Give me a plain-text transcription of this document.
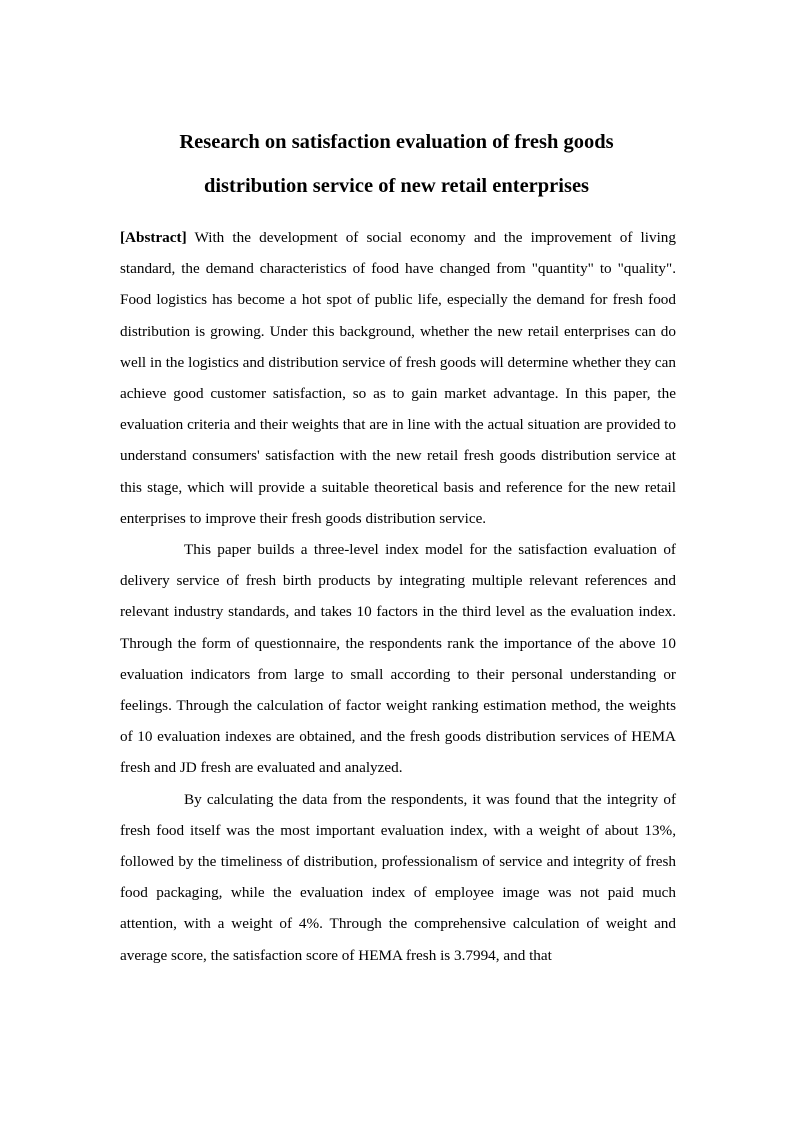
Research on satisfaction evaluation of fresh goods

distribution service of new retail enterprises

[Abstract] With the development of social economy and the improvement of living standard, the demand characteristics of food have changed from "quantity" to "quality". Food logistics has become a hot spot of public life, especially the demand for fresh food distribution is growing. Under this background, whether the new retail enterprises can do well in the logistics and distribution service of fresh goods will determine whether they can achieve good customer satisfaction, so as to gain market advantage. In this paper, the evaluation criteria and their weights that are in line with the actual situation are provided to understand consumers' satisfaction with the new retail fresh goods distribution service at this stage, which will provide a suitable theoretical basis and reference for the new retail enterprises to improve their fresh goods distribution service.

This paper builds a three-level index model for the satisfaction evaluation of delivery service of fresh birth products by integrating multiple relevant references and relevant industry standards, and takes 10 factors in the third level as the evaluation index. Through the form of questionnaire, the respondents rank the importance of the above 10 evaluation indicators from large to small according to their personal understanding or feelings. Through the calculation of factor weight ranking estimation method, the weights of 10 evaluation indexes are obtained, and the fresh goods distribution services of HEMA fresh and JD fresh are evaluated and analyzed.

By calculating the data from the respondents, it was found that the integrity of fresh food itself was the most important evaluation index, with a weight of about 13%, followed by the timeliness of distribution, professionalism of service and integrity of fresh food packaging, while the evaluation index of employee image was not paid much attention, with a weight of 4%. Through the comprehensive calculation of weight and average score, the satisfaction score of HEMA fresh is 3.7994, and that
